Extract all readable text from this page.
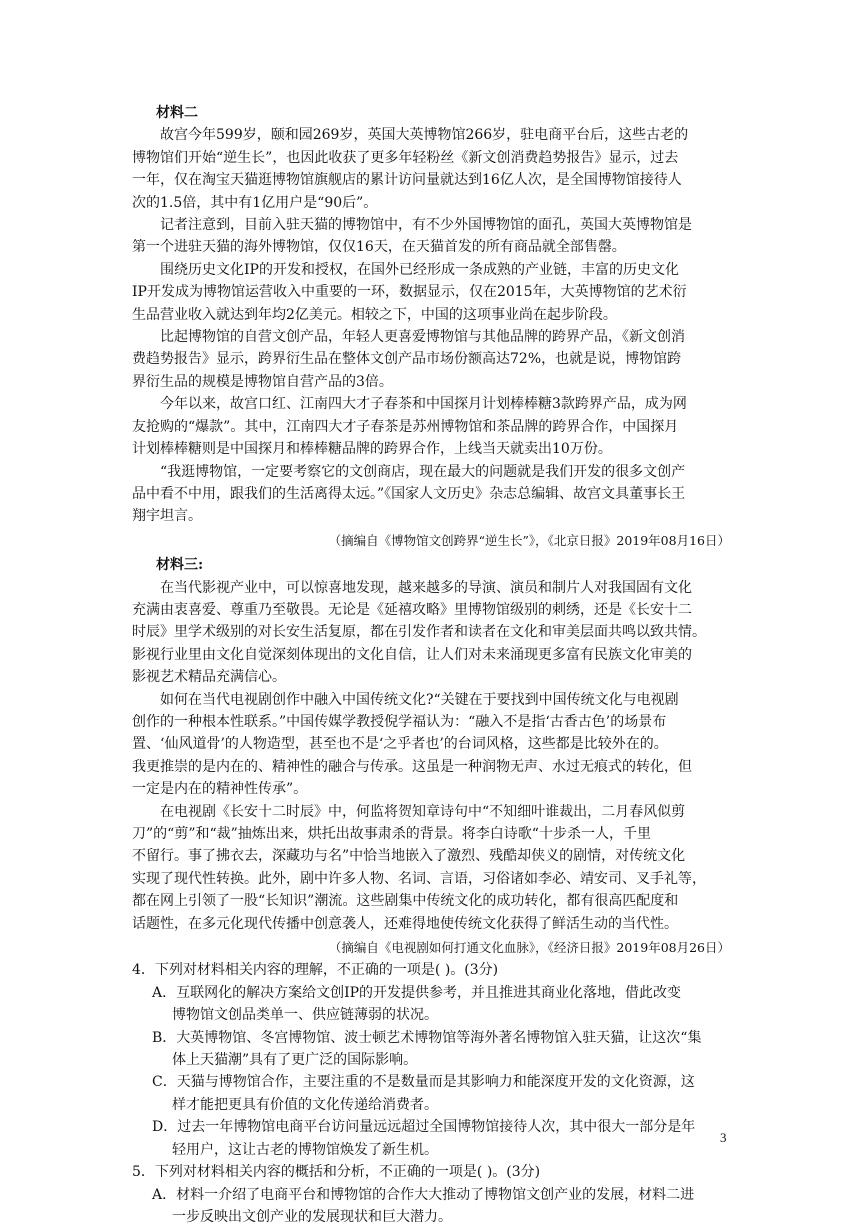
材料二
故宫今年599岁，颐和园269岁，英国大英博物馆266岁，驻电商平台后，这些古老的
博物馆们开始“逆生长”，也因此收获了更多年轻粉丝《新文创消费趋势报告》显示，过去
一年，仅在淘宝天猫逛博物馆旗舰店的累计访问量就达到16亿人次，是全国博物馆接待人
次的1.5倍，其中有1亿用户是“90后”。
记者注意到，目前入驻天猫的博物馆中，有不少外国博物馆的面孔，英国大英博物馆是
第一个进驻天猫的海外博物馆，仅仅16天，在天猫首发的所有商品就全部售罄。
围绕历史文化IP的开发和授权，在国外已经形成一条成熟的产业链，丰富的历史文化
IP开发成为博物馆运营收入中重要的一环，数据显示，仅在2015年，大英博物馆的艺术衍
生品营业收入就达到年均2亿美元。相较之下，中国的这项事业尚在起步阶段。
比起博物馆的自营文创产品，年轻人更喜爱博物馆与其他品牌的跨界产品，《新文创消
费趋势报告》显示，跨界衍生品在整体文创产品市场份额高达72%，也就是说，博物馆跨
界衍生品的规模是博物馆自营产品的3倍。
今年以来，故宫口红、江南四大才子春茶和中国探月计划棒棒糖3款跨界产品，成为网
友抢购的“爆款”。其中，江南四大才子春茶是苏州博物馆和茶品牌的跨界合作，中国探月
计划棒棒糖则是中国探月和棒棒糖品牌的跨界合作，上线当天就卖出10万份。
“我逛博物馆，一定要考察它的文创商店，现在最大的问题就是我们开发的很多文创产
品中看不中用，跟我们的生活离得太远。”《国家人文历史》杂志总编辑、故宫文具董事长王
翔宇坦言。
（摘编自《博物馆文创跨界“逆生长”》，《北京日报》2019年08月16日）
材料三:
在当代影视产业中，可以惊喜地发现，越来越多的导演、演员和制片人对我国固有文化
充满由衷喜爱、尊重乃至敬畏。无论是《延禧攻略》里博物馆级别的刺绣，还是《长安十二
时辰》里学术级别的对长安生活复原，都在引发作者和读者在文化和审美层面共鸣以致共情。
影视行业里由文化自觉深刻体现出的文化自信，让人们对未来涌现更多富有民族文化审美的
影视艺术精品充满信心。
如何在当代电视剧创作中融入中国传统文化?“关键在于要找到中国传统文化与电视剧
创作的一种根本性联系。”中国传媒学教授倪学福认为：“融入不是指‘古香古色’的场景布
置、‘仙风道骨’的人物造型，甚至也不是‘之乎者也’的台词风格，这些都是比较外在的。
我更推崇的是内在的、精神性的融合与传承。这虽是一种润物无声、水过无痕式的转化，但
一定是内在的精神性传承”。
在电视剧《长安十二时辰》中，何监将贺知章诗句中“不知细叶谁裁出，二月春风似剪
刀”的“剪”和“裁”抽炼出来，烘托出故事肃杀的背景。将李白诗歌“十步杀一人，千里
不留行。事了拂衣去，深藏功与名”中恰当地嵌入了激烈、残酷却侠义的剧情，对传统文化
实现了现代性转换。此外，剧中许多人物、名词、言语，习俗诸如李必、靖安司、叉手礼等，
都在网上引领了一股“长知识”潮流。这些剧集中传统文化的成功转化，都有很高匹配度和
话题性，在多元化现代传播中创意袭人，还难得地使传统文化获得了鲜活生动的当代性。
（摘编自《电视剧如何打通文化血脉》，《经济日报》2019年08月26日）
4．下列对材料相关内容的理解，不正确的一项是( )。(3分)
A．互联网化的解决方案给文创IP的开发提供参考，并且推进其商业化落地，借此改变
博物馆文创品类单一、供应链薄弱的状况。
B．大英博物馆、冬宫博物馆、波士顿艺术博物馆等海外著名博物馆入驻天猫，让这次“集
体上天猫潮”具有了更广泛的国际影响。
C．天猫与博物馆合作，主要注重的不是数量而是其影响力和能深度开发的文化资源，这
样才能把更具有价值的文化传递给消费者。
D．过去一年博物馆电商平台访问量远远超过全国博物馆接待人次，其中很大一部分是年
轻用户，这让古老的博物馆焕发了新生机。
5．下列对材料相关内容的概括和分析，不正确的一项是( )。(3分)
A．材料一介绍了电商平台和博物馆的合作大大推动了博物馆文创产业的发展，材料二进
一步反映出文创产业的发展现状和巨大潜力。
3
